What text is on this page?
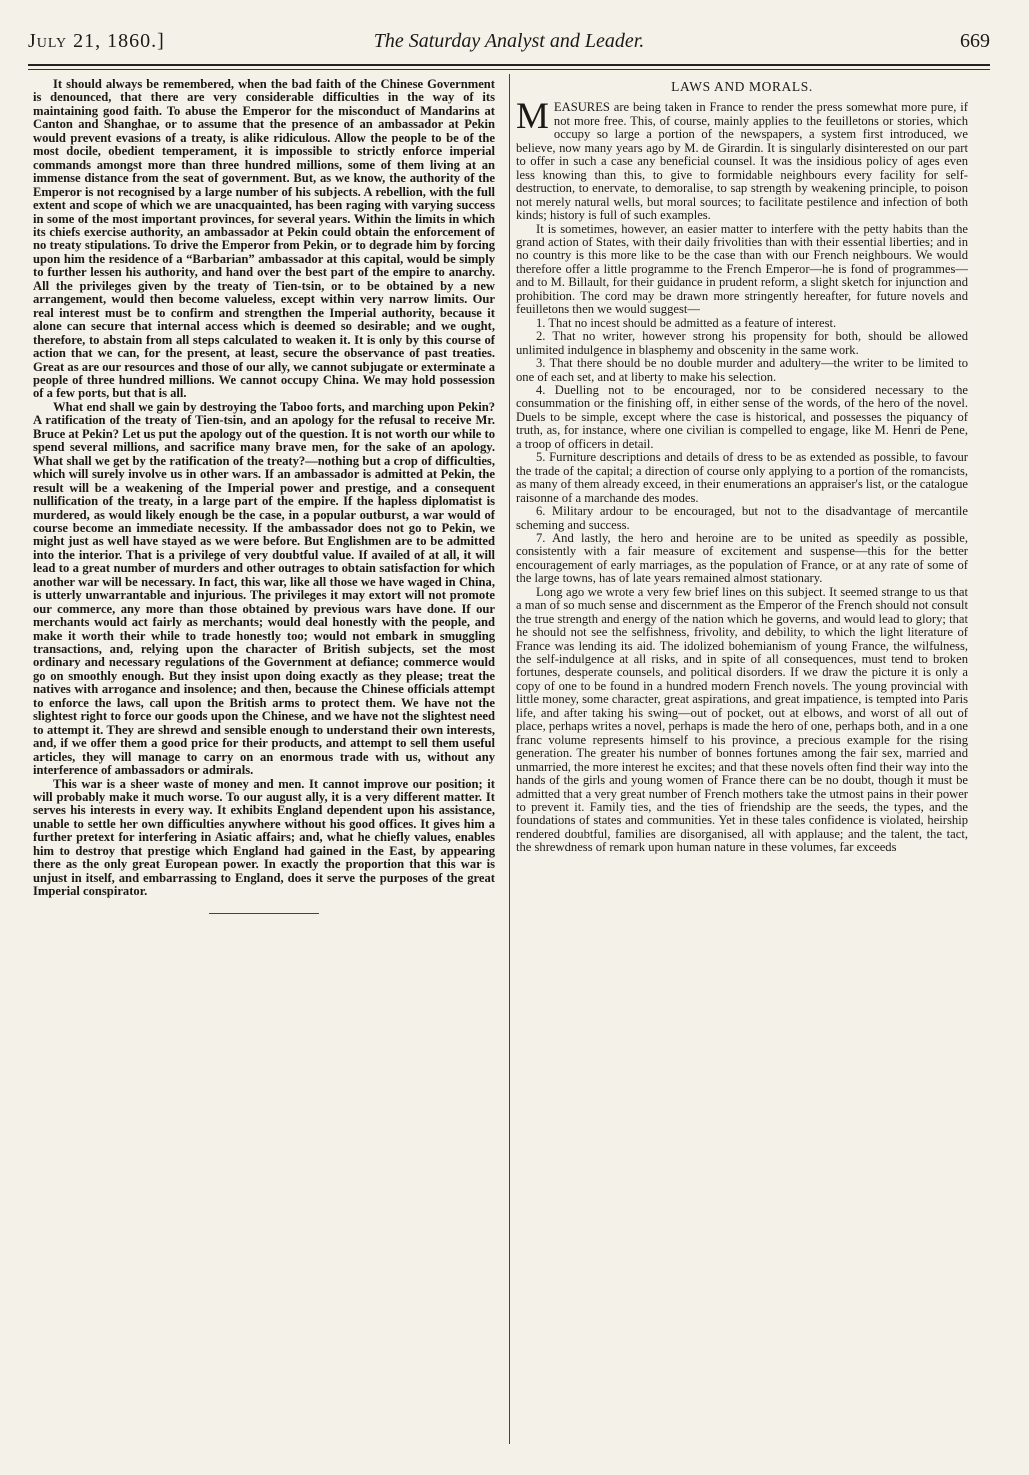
July 21, 1860.]	The Saturday Analyst and Leader.	669

It should always be remembered, when the bad faith of the Chinese Government is denounced, that there are very considerable difficulties in the way of its maintaining good faith. To abuse the Emperor for the misconduct of Mandarins at Canton and Shanghae, or to assume that the presence of an ambassador at Pekin would prevent evasions of a treaty, is alike ridiculous. Allow the people to be of the most docile, obedient temperament, it is impossible to strictly enforce imperial commands amongst more than three hundred millions, some of them living at an immense distance from the seat of government. But, as we know, the authority of the Emperor is not recognised by a large number of his subjects. A rebellion, with the full extent and scope of which we are unacquainted, has been raging with varying success in some of the most important provinces, for several years. Within the limits in which its chiefs exercise authority, an ambassador at Pekin could obtain the enforcement of no treaty stipulations. To drive the Emperor from Pekin, or to degrade him by forcing upon him the residence of a “Barbarian” ambassador at this capital, would be simply to further lessen his authority, and hand over the best part of the empire to anarchy. All the privileges given by the treaty of Tien-tsin, or to be obtained by a new arrangement, would then become valueless, except within very narrow limits. Our real interest must be to confirm and strengthen the Imperial authority, because it alone can secure that internal access which is deemed so desirable; and we ought, therefore, to abstain from all steps calculated to weaken it. It is only by this course of action that we can, for the present, at least, secure the observance of past treaties. Great as are our resources and those of our ally, we cannot subjugate or exterminate a people of three hundred millions. We cannot occupy China. We may hold possession of a few ports, but that is all.

What end shall we gain by destroying the Taboo forts, and marching upon Pekin? A ratification of the treaty of Tien-tsin, and an apology for the refusal to receive Mr. Bruce at Pekin? Let us put the apology out of the question. It is not worth our while to spend several millions, and sacrifice many brave men, for the sake of an apology. What shall we get by the ratification of the treaty?—nothing but a crop of difficulties, which will surely involve us in other wars. If an ambassador is admitted at Pekin, the result will be a weakening of the Imperial power and prestige, and a consequent nullification of the treaty, in a large part of the empire. If the hapless diplomatist is murdered, as would likely enough be the case, in a popular outburst, a war would of course become an immediate necessity. If the ambassador does not go to Pekin, we might just as well have stayed as we were before. But Englishmen are to be admitted into the interior. That is a privilege of very doubtful value. If availed of at all, it will lead to a great number of murders and other outrages to obtain satisfaction for which another war will be necessary. In fact, this war, like all those we have waged in China, is utterly unwarrantable and injurious. The privileges it may extort will not promote our commerce, any more than those obtained by previous wars have done. If our merchants would act fairly as merchants; would deal honestly with the people, and make it worth their while to trade honestly too; would not embark in smuggling transactions, and, relying upon the character of British subjects, set the most ordinary and necessary regulations of the Government at defiance; commerce would go on smoothly enough. But they insist upon doing exactly as they please; treat the natives with arrogance and insolence; and then, because the Chinese officials attempt to enforce the laws, call upon the British arms to protect them. We have not the slightest right to force our goods upon the Chinese, and we have not the slightest need to attempt it. They are shrewd and sensible enough to understand their own interests, and, if we offer them a good price for their products, and attempt to sell them useful articles, they will manage to carry on an enormous trade with us, without any interference of ambassadors or admirals.

This war is a sheer waste of money and men. It cannot improve our position; it will probably make it much worse. To our august ally, it is a very different matter. It serves his interests in every way. It exhibits England dependent upon his assistance, unable to settle her own difficulties anywhere without his good offices. It gives him a further pretext for interfering in Asiatic affairs; and, what he chiefly values, enables him to destroy that prestige which England had gained in the East, by appearing there as the only great European power. In exactly the proportion that this war is unjust in itself, and embarrassing to England, does it serve the purposes of the great Imperial conspirator.

LAWS AND MORALS.

MEASURES are being taken in France to render the press somewhat more pure, if not more free. This, of course, mainly applies to the feuilletons or stories, which occupy so large a portion of the newspapers, a system first introduced, we believe, now many years ago by M. de Girardin. It is singularly disinterested on our part to offer in such a case any beneficial counsel. It was the insidious policy of ages even less knowing than this, to give to formidable neighbours every facility for self-destruction, to enervate, to demoralise, to sap strength by weakening principle, to poison not merely natural wells, but moral sources; to facilitate pestilence and infection of both kinds; history is full of such examples.

It is sometimes, however, an easier matter to interfere with the petty habits than the grand action of States, with their daily frivolities than with their essential liberties; and in no country is this more like to be the case than with our French neighbours. We would therefore offer a little programme to the French Emperor—he is fond of programmes—and to M. Billault, for their guidance in prudent reform, a slight sketch for injunction and prohibition. The cord may be drawn more stringently hereafter, for future novels and feuilletons then we would suggest—

1. That no incest should be admitted as a feature of interest.

2. That no writer, however strong his propensity for both, should be allowed unlimited indulgence in blasphemy and obscenity in the same work.

3. That there should be no double murder and adultery—the writer to be limited to one of each set, and at liberty to make his selection.

4. Duelling not to be encouraged, nor to be considered necessary to the consummation or the finishing off, in either sense of the words, of the hero of the novel. Duels to be simple, except where the case is historical, and possesses the piquancy of truth, as, for instance, where one civilian is compelled to engage, like M. Henri de Pene, a troop of officers in detail.

5. Furniture descriptions and details of dress to be as extended as possible, to favour the trade of the capital; a direction of course only applying to a portion of the romancists, as many of them already exceed, in their enumerations an appraiser's list, or the catalogue raisonne of a marchande des modes.

6. Military ardour to be encouraged, but not to the disadvantage of mercantile scheming and success.

7. And lastly, the hero and heroine are to be united as speedily as possible, consistently with a fair measure of excitement and suspense—this for the better encouragement of early marriages, as the population of France, or at any rate of some of the large towns, has of late years remained almost stationary.

Long ago we wrote a very few brief lines on this subject. It seemed strange to us that a man of so much sense and discernment as the Emperor of the French should not consult the true strength and energy of the nation which he governs, and would lead to glory; that he should not see the selfishness, frivolity, and debility, to which the light literature of France was lending its aid. The idolized bohemianism of young France, the wilfulness, the self-indulgence at all risks, and in spite of all consequences, must tend to broken fortunes, desperate counsels, and political disorders. If we draw the picture it is only a copy of one to be found in a hundred modern French novels. The young provincial with little money, some character, great aspirations, and great impatience, is tempted into Paris life, and after taking his swing—out of pocket, out at elbows, and worst of all out of place, perhaps writes a novel, perhaps is made the hero of one, perhaps both, and in a one franc volume represents himself to his province, a precious example for the rising generation. The greater his number of bonnes fortunes among the fair sex, married and unmarried, the more interest he excites; and that these novels often find their way into the hands of the girls and young women of France there can be no doubt, though it must be admitted that a very great number of French mothers take the utmost pains in their power to prevent it. Family ties, and the ties of friendship are the seeds, the types, and the foundations of states and communities. Yet in these tales confidence is violated, heirship rendered doubtful, families are disorganised, all with applause; and the talent, the tact, the shrewdness of remark upon human nature in these volumes, far exceeds
